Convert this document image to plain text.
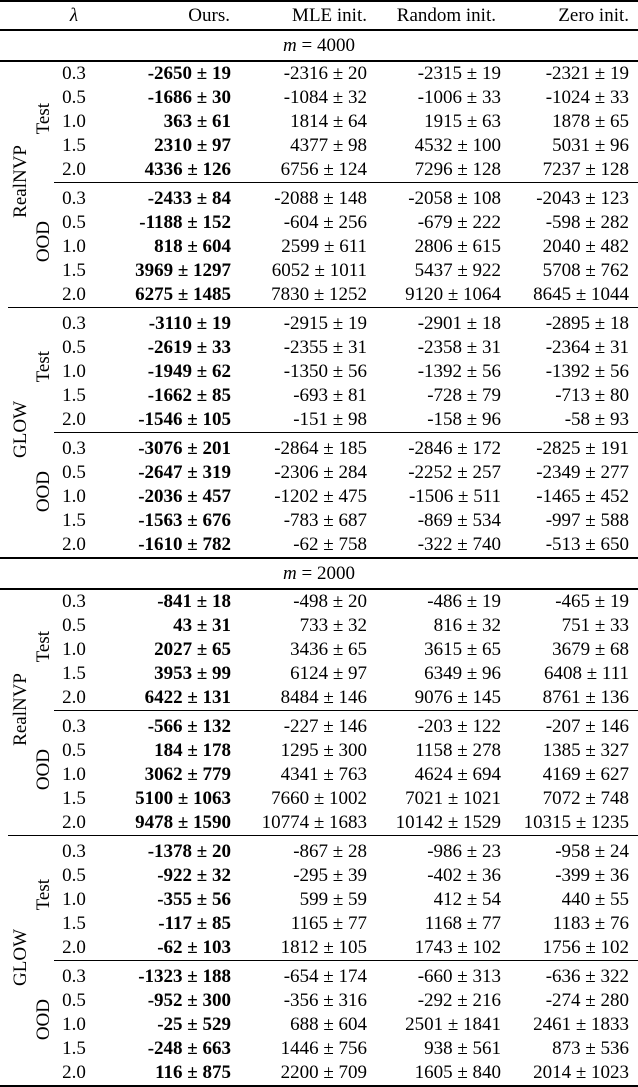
			λ	Ours.	MLE init.	Random init.	Zero init.
m = 4000							
	RealNVP	Test	0.3	-2650 ± 19	-2316 ± 20	-2315 ± 19	-2321 ± 19
			0.5	-1686 ± 30	-1084 ± 32	-1006 ± 33	-1024 ± 33
			1.0	363 ± 61	1814 ± 64	1915 ± 63	1878 ± 65
			1.5	2310 ± 97	4377 ± 98	4532 ± 100	5031 ± 96
			2.0	4336 ± 126	6756 ± 124	7296 ± 128	7237 ± 128
		OOD	0.3	-2433 ± 84	-2088 ± 148	-2058 ± 108	-2043 ± 123
			0.5	-1188 ± 152	-604 ± 256	-679 ± 222	-598 ± 282
			1.0	818 ± 604	2599 ± 611	2806 ± 615	2040 ± 482
			1.5	3969 ± 1297	6052 ± 1011	5437 ± 922	5708 ± 762
			2.0	6275 ± 1485	7830 ± 1252	9120 ± 1064	8645 ± 1044
	GLOW	Test	0.3	-3110 ± 19	-2915 ± 19	-2901 ± 18	-2895 ± 18
			0.5	-2619 ± 33	-2355 ± 31	-2358 ± 31	-2364 ± 31
			1.0	-1949 ± 62	-1350 ± 56	-1392 ± 56	-1392 ± 56
			1.5	-1662 ± 85	-693 ± 81	-728 ± 79	-713 ± 80
			2.0	-1546 ± 105	-151 ± 98	-158 ± 96	-58 ± 93
		OOD	0.3	-3076 ± 201	-2864 ± 185	-2846 ± 172	-2825 ± 191
			0.5	-2647 ± 319	-2306 ± 284	-2252 ± 257	-2349 ± 277
			1.0	-2036 ± 457	-1202 ± 475	-1506 ± 511	-1465 ± 452
			1.5	-1563 ± 676	-783 ± 687	-869 ± 534	-997 ± 588
			2.0	-1610 ± 782	-62 ± 758	-322 ± 740	-513 ± 650
m = 2000							
	RealNVP	Test	0.3	-841 ± 18	-498 ± 20	-486 ± 19	-465 ± 19
			0.5	43 ± 31	733 ± 32	816 ± 32	751 ± 33
			1.0	2027 ± 65	3436 ± 65	3615 ± 65	3679 ± 68
			1.5	3953 ± 99	6124 ± 97	6349 ± 96	6408 ± 111
			2.0	6422 ± 131	8484 ± 146	9076 ± 145	8761 ± 136
		OOD	0.3	-566 ± 132	-227 ± 146	-203 ± 122	-207 ± 146
			0.5	184 ± 178	1295 ± 300	1158 ± 278	1385 ± 327
			1.0	3062 ± 779	4341 ± 763	4624 ± 694	4169 ± 627
			1.5	5100 ± 1063	7660 ± 1002	7021 ± 1021	7072 ± 748
			2.0	9478 ± 1590	10774 ± 1683	10142 ± 1529	10315 ± 1235
	GLOW	Test	0.3	-1378 ± 20	-867 ± 28	-986 ± 23	-958 ± 24
			0.5	-922 ± 32	-295 ± 39	-402 ± 36	-399 ± 36
			1.0	-355 ± 56	599 ± 59	412 ± 54	440 ± 55
			1.5	-117 ± 85	1165 ± 77	1168 ± 77	1183 ± 76
			2.0	-62 ± 103	1812 ± 105	1743 ± 102	1756 ± 102
		OOD	0.3	-1323 ± 188	-654 ± 174	-660 ± 313	-636 ± 322
			0.5	-952 ± 300	-356 ± 316	-292 ± 216	-274 ± 280
			1.0	-25 ± 529	688 ± 604	2501 ± 1841	2461 ± 1833
			1.5	-248 ± 663	1446 ± 756	938 ± 561	873 ± 536
			2.0	116 ± 875	2200 ± 709	1605 ± 840	2014 ± 1023
